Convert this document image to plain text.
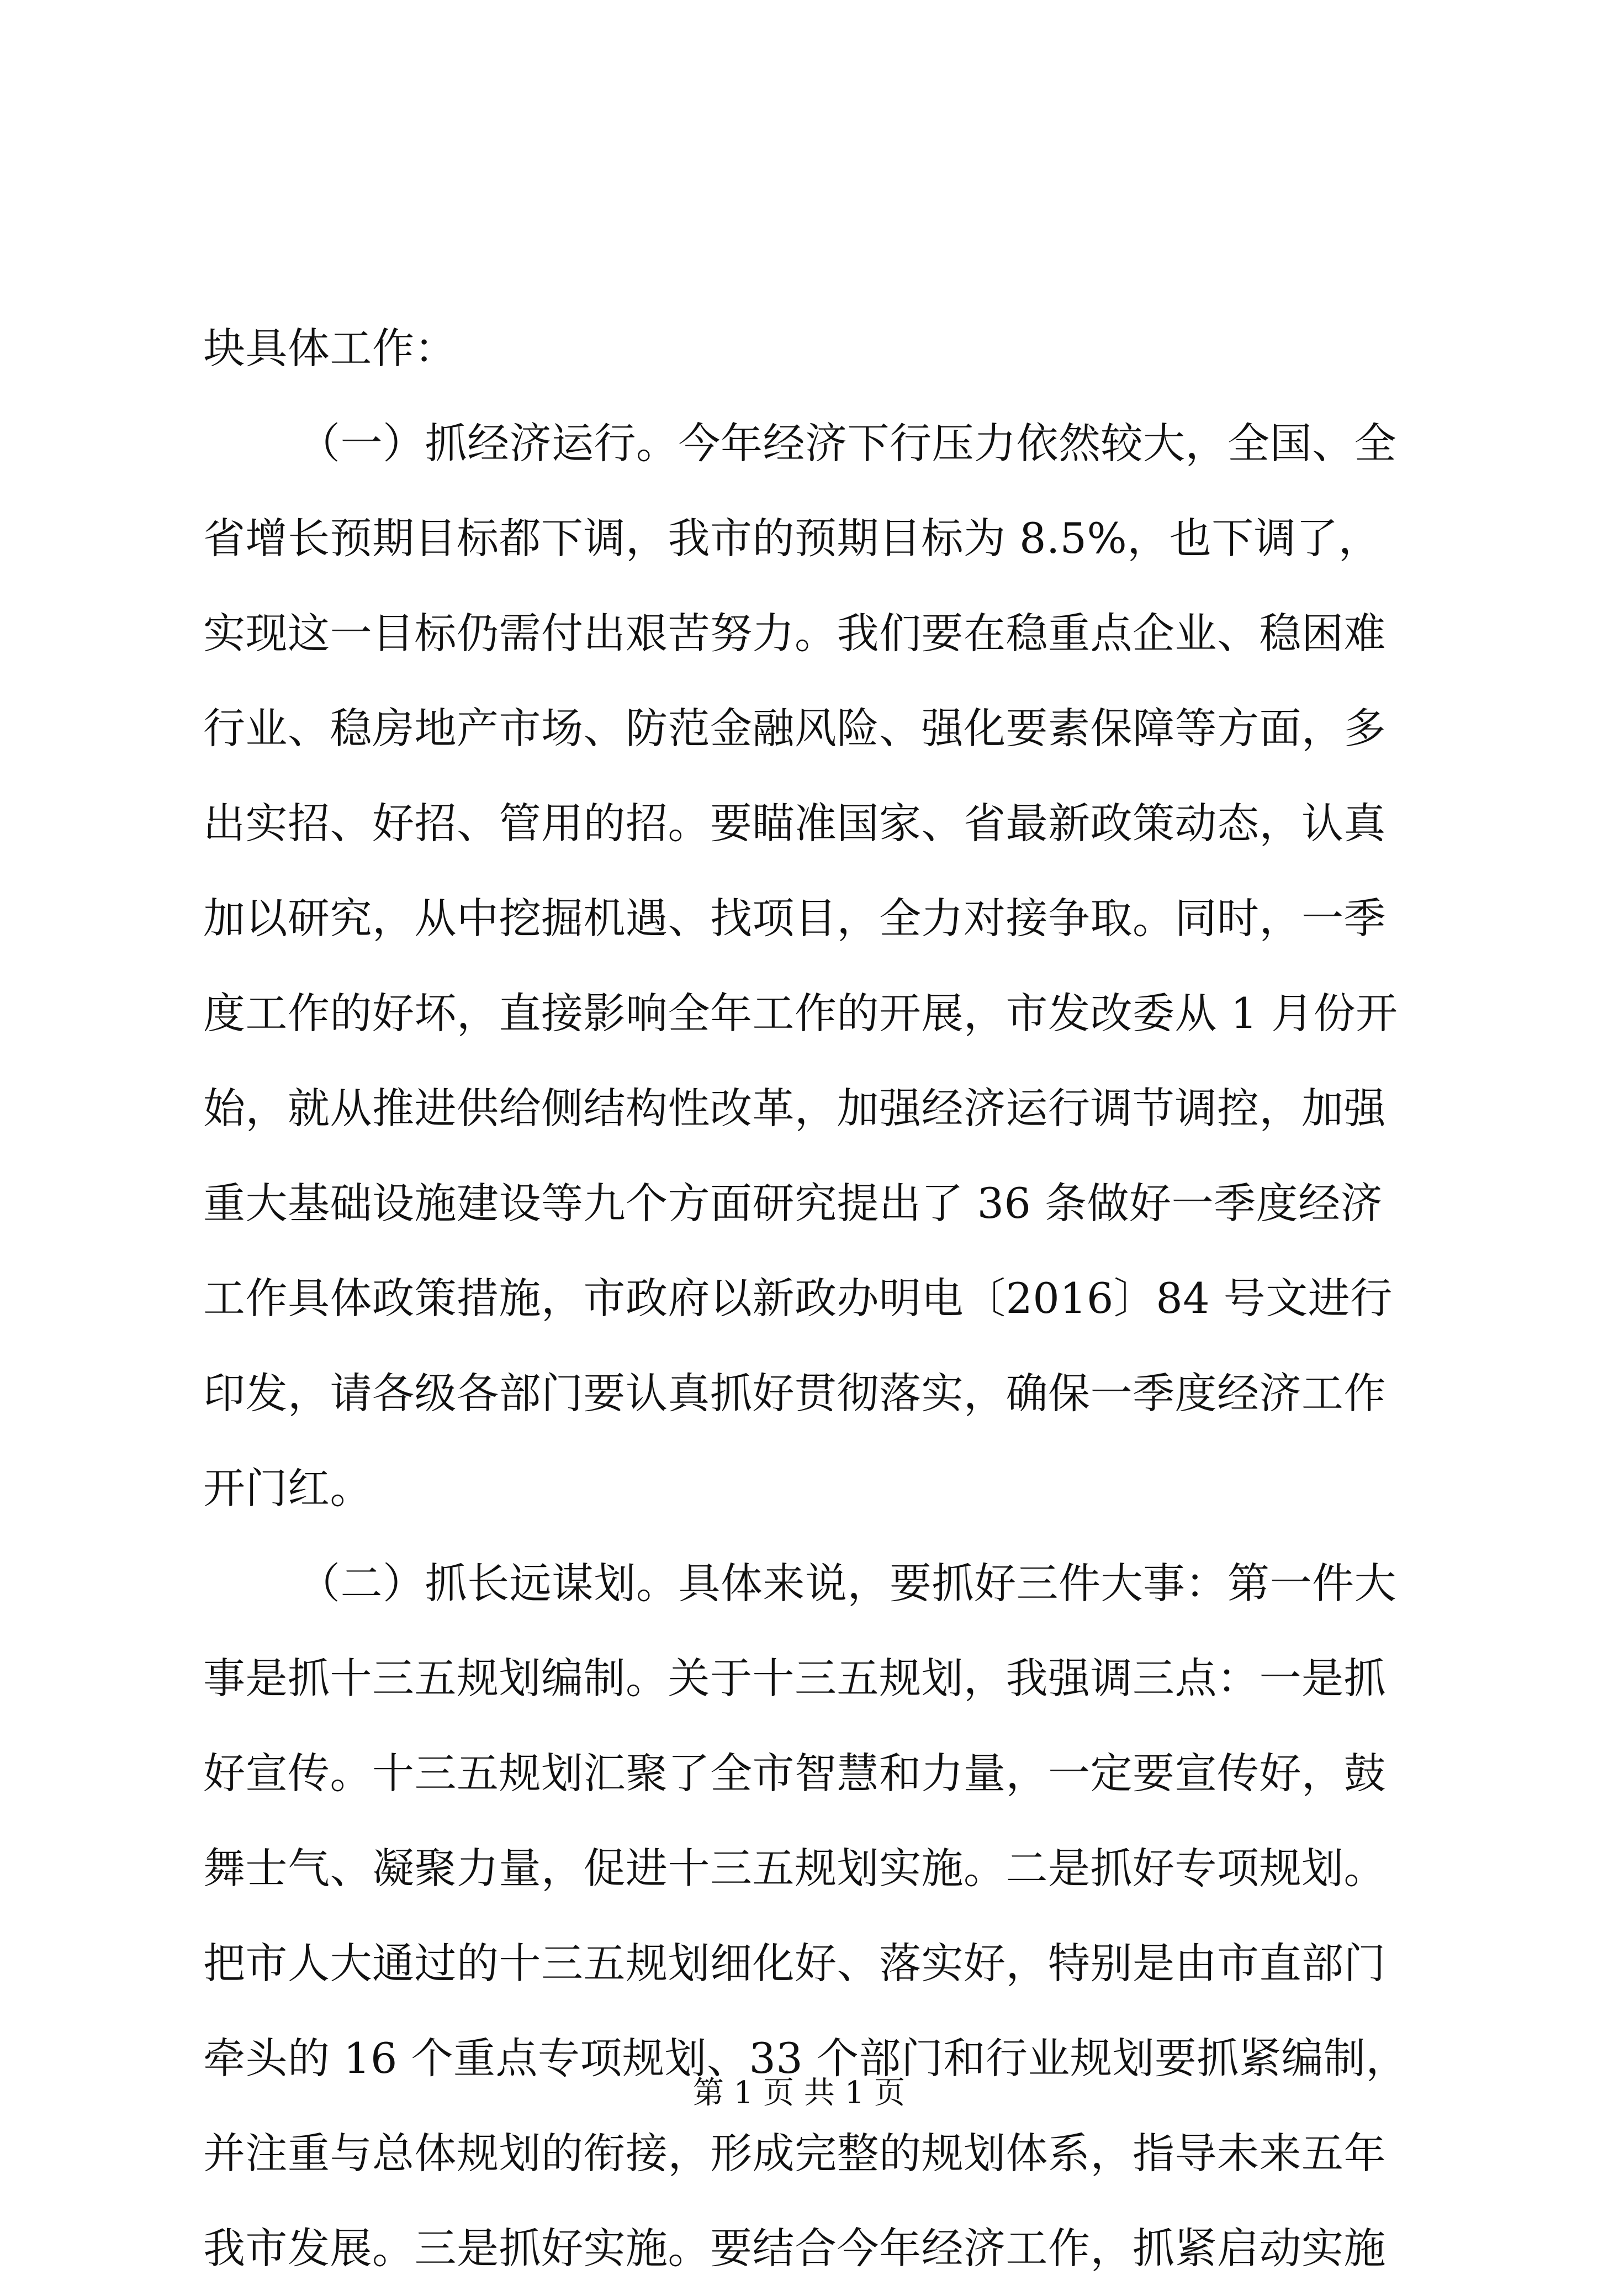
块具体工作：
（一）抓经济运行。今年经济下行压力依然较大，全国、全
省增长预期目标都下调，我市的预期目标为 8.5%，也下调了，
实现这一目标仍需付出艰苦努力。我们要在稳重点企业、稳困难
行业、稳房地产市场、防范金融风险、强化要素保障等方面，多
出实招、好招、管用的招。要瞄准国家、省最新政策动态，认真
加以研究，从中挖掘机遇、找项目，全力对接争取。同时，一季
度工作的好坏，直接影响全年工作的开展，市发改委从 1 月份开
始，就从推进供给侧结构性改革，加强经济运行调节调控，加强
重大基础设施建设等九个方面研究提出了 36 条做好一季度经济
工作具体政策措施，市政府以新政办明电〔2016〕84 号文进行
印发，请各级各部门要认真抓好贯彻落实，确保一季度经济工作
开门红。
（二）抓长远谋划。具体来说，要抓好三件大事：第一件大
事是抓十三五规划编制。关于十三五规划，我强调三点：一是抓
好宣传。十三五规划汇聚了全市智慧和力量，一定要宣传好，鼓
舞士气、凝聚力量，促进十三五规划实施。二是抓好专项规划。
把市人大通过的十三五规划细化好、落实好，特别是由市直部门
牵头的 16 个重点专项规划、33 个部门和行业规划要抓紧编制，
并注重与总体规划的衔接，形成完整的规划体系，指导未来五年
我市发展。三是抓好实施。要结合今年经济工作，抓紧启动实施
第 1 页 共 1 页
